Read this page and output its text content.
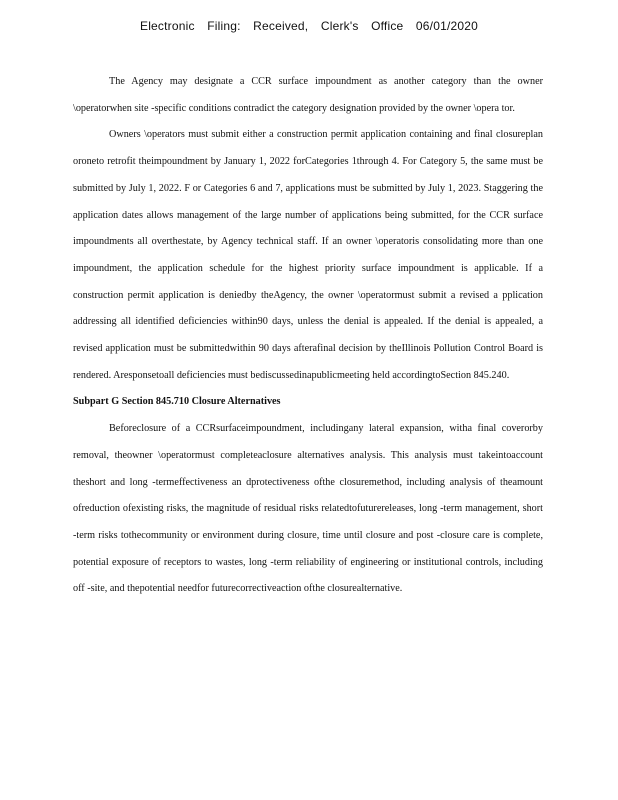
Electronic Filing: Received, Clerk's Office 06/01/2020

The Agency may designate a CCR surface impoundment as another category than the owner \operatorwhen site -specific conditions contradict the category designation provided by the owner \opera tor.

Owners \operators must submit either a construction permit application containing and final closureplan oroneto retrofit theimpoundment by January 1, 2022 forCategories 1through 4. For Category 5, the same must be submitted by July 1, 2022. F or Categories 6 and 7, applications must be submitted by July 1, 2023. Staggering the application dates allows management of the large number of applications being submitted, for the CCR surface impoundments all overthestate, by Agency technical staff. If an owner \operatoris consolidating more than one impoundment, the application schedule for the highest priority surface impoundment is applicable. If a construction permit application is deniedby theAgency, the owner \operatormust submit a revised a pplication addressing all identified deficiencies within90 days, unless the denial is appealed. If the denial is appealed, a revised application must be submittedwithin 90 days afterafinal decision by theIllinois Pollution Control Board is rendered. Aresponsetoall deficiencies must bediscussedinapublicmeeting held accordingtoSection 845.240.

Subpart G Section 845.710 Closure Alternatives

Beforeclosure of a CCRsurfaceimpoundment, includingany lateral expansion, witha final coverorby removal, theowner \operatormust completeaclosure alternatives analysis. This analysis must takeintoaccount theshort and long -termeffectiveness an dprotectiveness ofthe closuremethod, including analysis of theamount ofreduction ofexisting risks, the magnitude of residual risks relatedtofuturereleases, long -term management, short -term risks tothecommunity or environment during closure, time until closure and post -closure care is complete, potential exposure of receptors to wastes, long -term reliability of engineering or institutional controls, including off -site, and thepotential needfor futurecorrectiveaction ofthe closurealternative.
